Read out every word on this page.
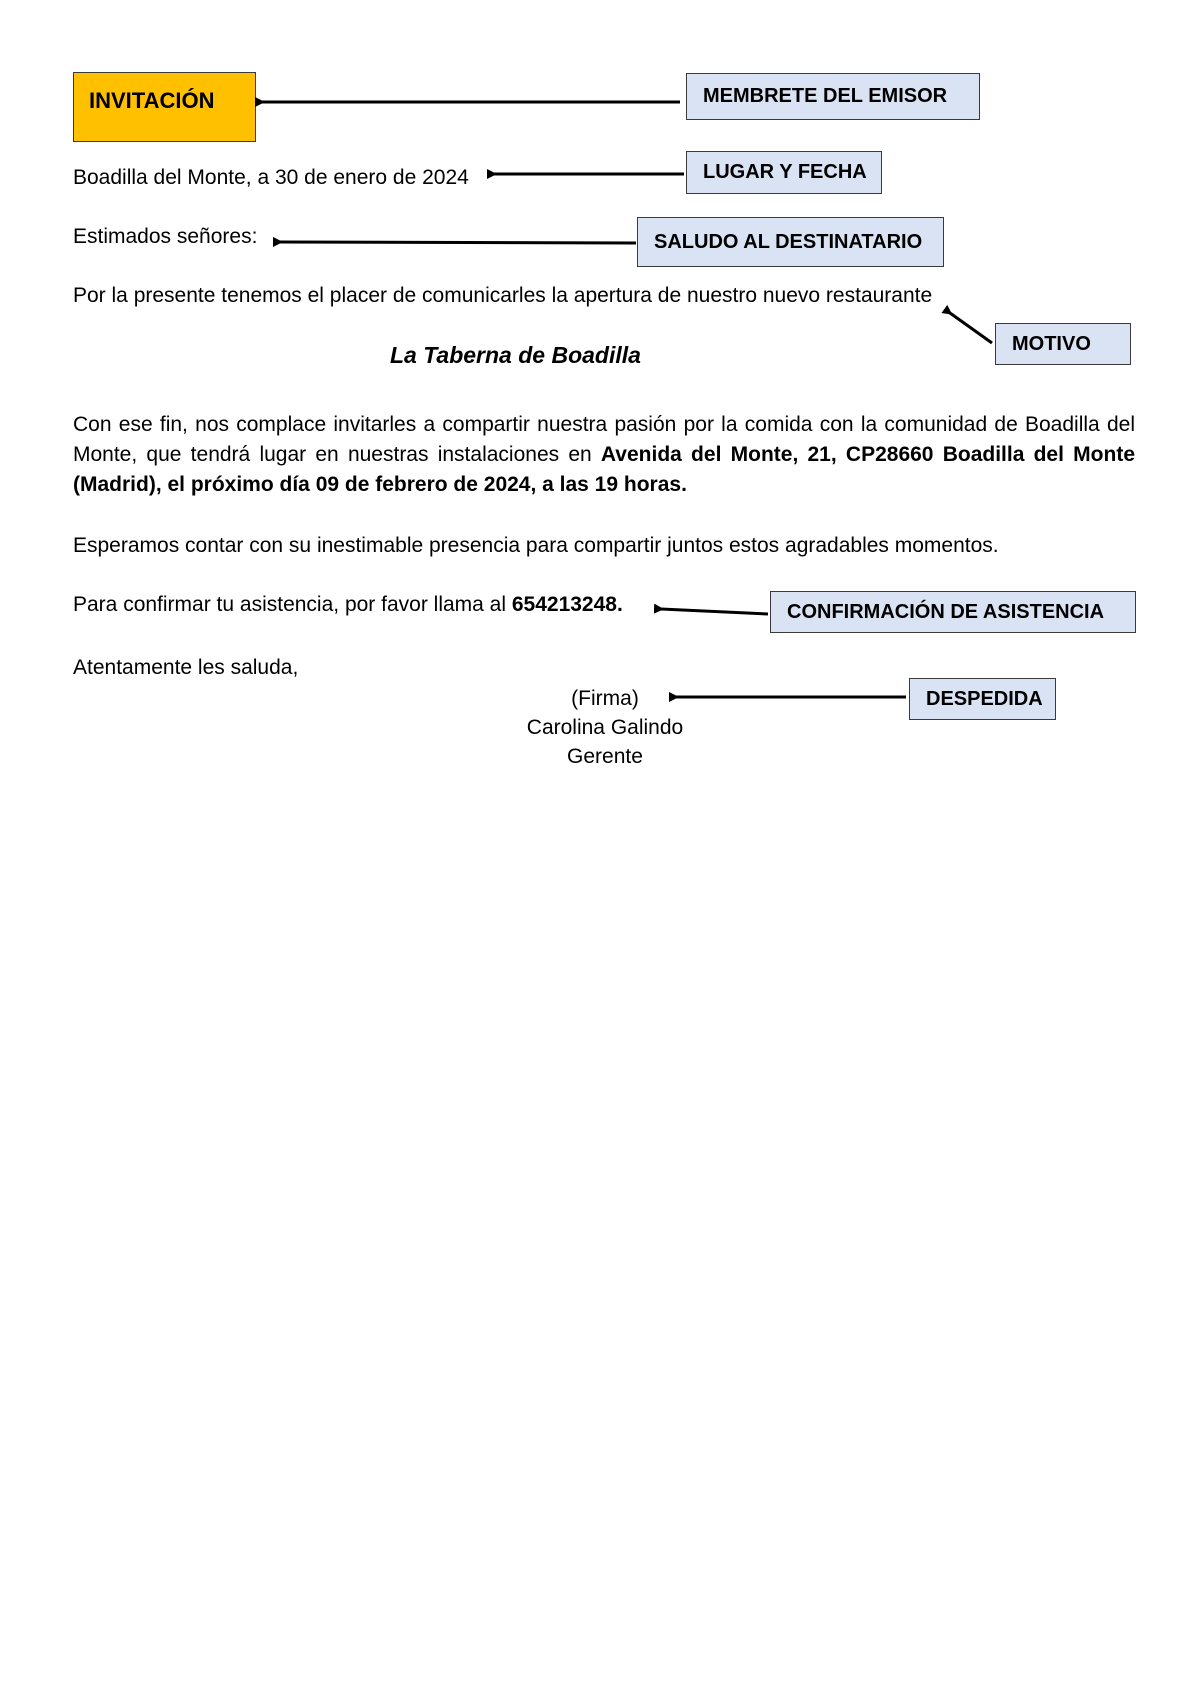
INVITACIÓN
Boadilla del Monte, a 30 de enero de 2024
Estimados señores:
Por la presente tenemos el placer de comunicarles la apertura de nuestro nuevo restaurante
La Taberna de Boadilla
Con ese fin, nos complace invitarles a compartir nuestra pasión por la comida con la comunidad de Boadilla del Monte, que tendrá lugar en nuestras instalaciones en Avenida del Monte, 21, CP28660 Boadilla del Monte (Madrid), el próximo día 09 de febrero de 2024, a las 19 horas.
Esperamos contar con su inestimable presencia para compartir juntos estos agradables momentos.
Para confirmar tu asistencia, por favor llama al 654213248.
Atentamente les saluda,
(Firma)
Carolina Galindo
Gerente
MEMBRETE DEL EMISOR
LUGAR Y FECHA
SALUDO AL DESTINATARIO
MOTIVO
CONFIRMACIÓN DE ASISTENCIA
DESPEDIDA
